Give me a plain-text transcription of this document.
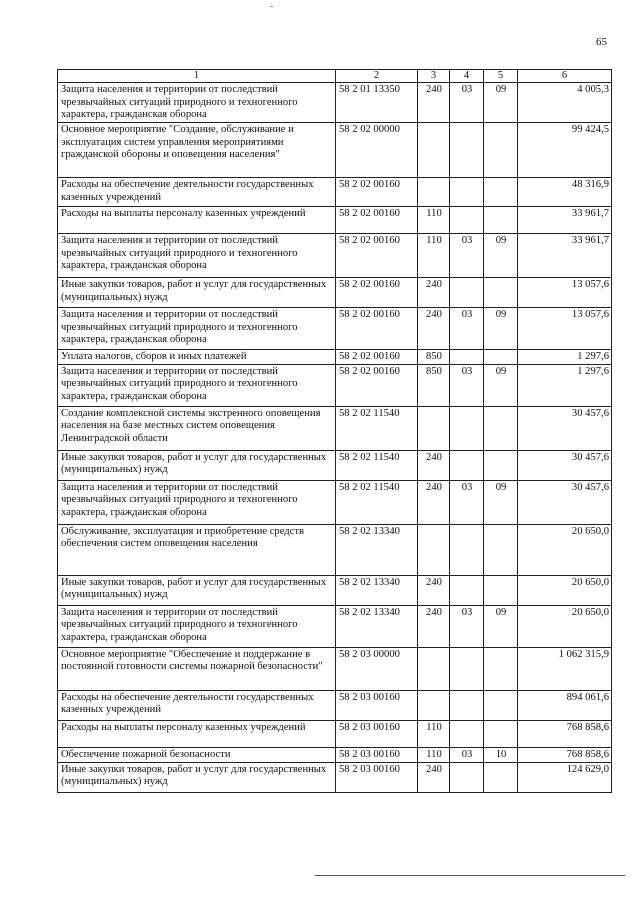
65
1	2	3	4	5	6
Защита населения и территории от последствий чрезвычайных ситуаций природного и техногенного характера, гражданская оборона	58 2 01 13350	240	03	09	4 005,3
Основное мероприятие "Создание, обслуживание и эксплуатация систем управления мероприятиями гражданской обороны и оповещения населения"	58 2 02 00000				99 424,5
Расходы на обеспечение деятельности государственных казенных учреждений	58 2 02 00160				48 316,9
Расходы на выплаты персоналу казенных учреждений	58 2 02 00160	110			33 961,7
Защита населения и территории от последствий чрезвычайных ситуаций природного и техногенного характера, гражданская оборона	58 2 02 00160	110	03	09	33 961,7
Иные закупки товаров, работ и услуг для государственных (муниципальных) нужд	58 2 02 00160	240			13 057,6
Защита населения и территории от последствий чрезвычайных ситуаций природного и техногенного характера, гражданская оборона	58 2 02 00160	240	03	09	13 057,6
Уплата налогов, сборов и иных платежей	58 2 02 00160	850			1 297,6
Защита населения и территории от последствий чрезвычайных ситуаций природного и техногенного характера, гражданская оборона	58 2 02 00160	850	03	09	1 297,6
Создание комплексной системы экстренного оповещения населения на базе местных систем оповещения Ленинградской области	58 2 02 11540				30 457,6
Иные закупки товаров, работ и услуг для государственных (муниципальных) нужд	58 2 02 11540	240			30 457,6
Защита населения и территории от последствий чрезвычайных ситуаций природного и техногенного характера, гражданская оборона	58 2 02 11540	240	03	09	30 457,6
Обслуживание, эксплуатация и приобретение средств обеспечения систем оповещения населения	58 2 02 13340				20 650,0
Иные закупки товаров, работ и услуг для государственных (муниципальных) нужд	58 2 02 13340	240			20 650,0
Защита населения и территории от последствий чрезвычайных ситуаций природного и техногенного характера, гражданская оборона	58 2 02 13340	240	03	09	20 650,0
Основное мероприятие "Обеспечение и поддержание в постоянной готовности системы пожарной безопасности"	58 2 03 00000				1 062 315,9
Расходы на обеспечение деятельности государственных казенных учреждений	58 2 03 00160				894 061,6
Расходы на выплаты персоналу казенных учреждений	58 2 03 00160	110			768 858,6
Обеспечение пожарной безопасности	58 2 03 00160	110	03	10	768 858,6
Иные закупки товаров, работ и услуг для государственных (муниципальных) нужд	58 2 03 00160	240			124 629,0
